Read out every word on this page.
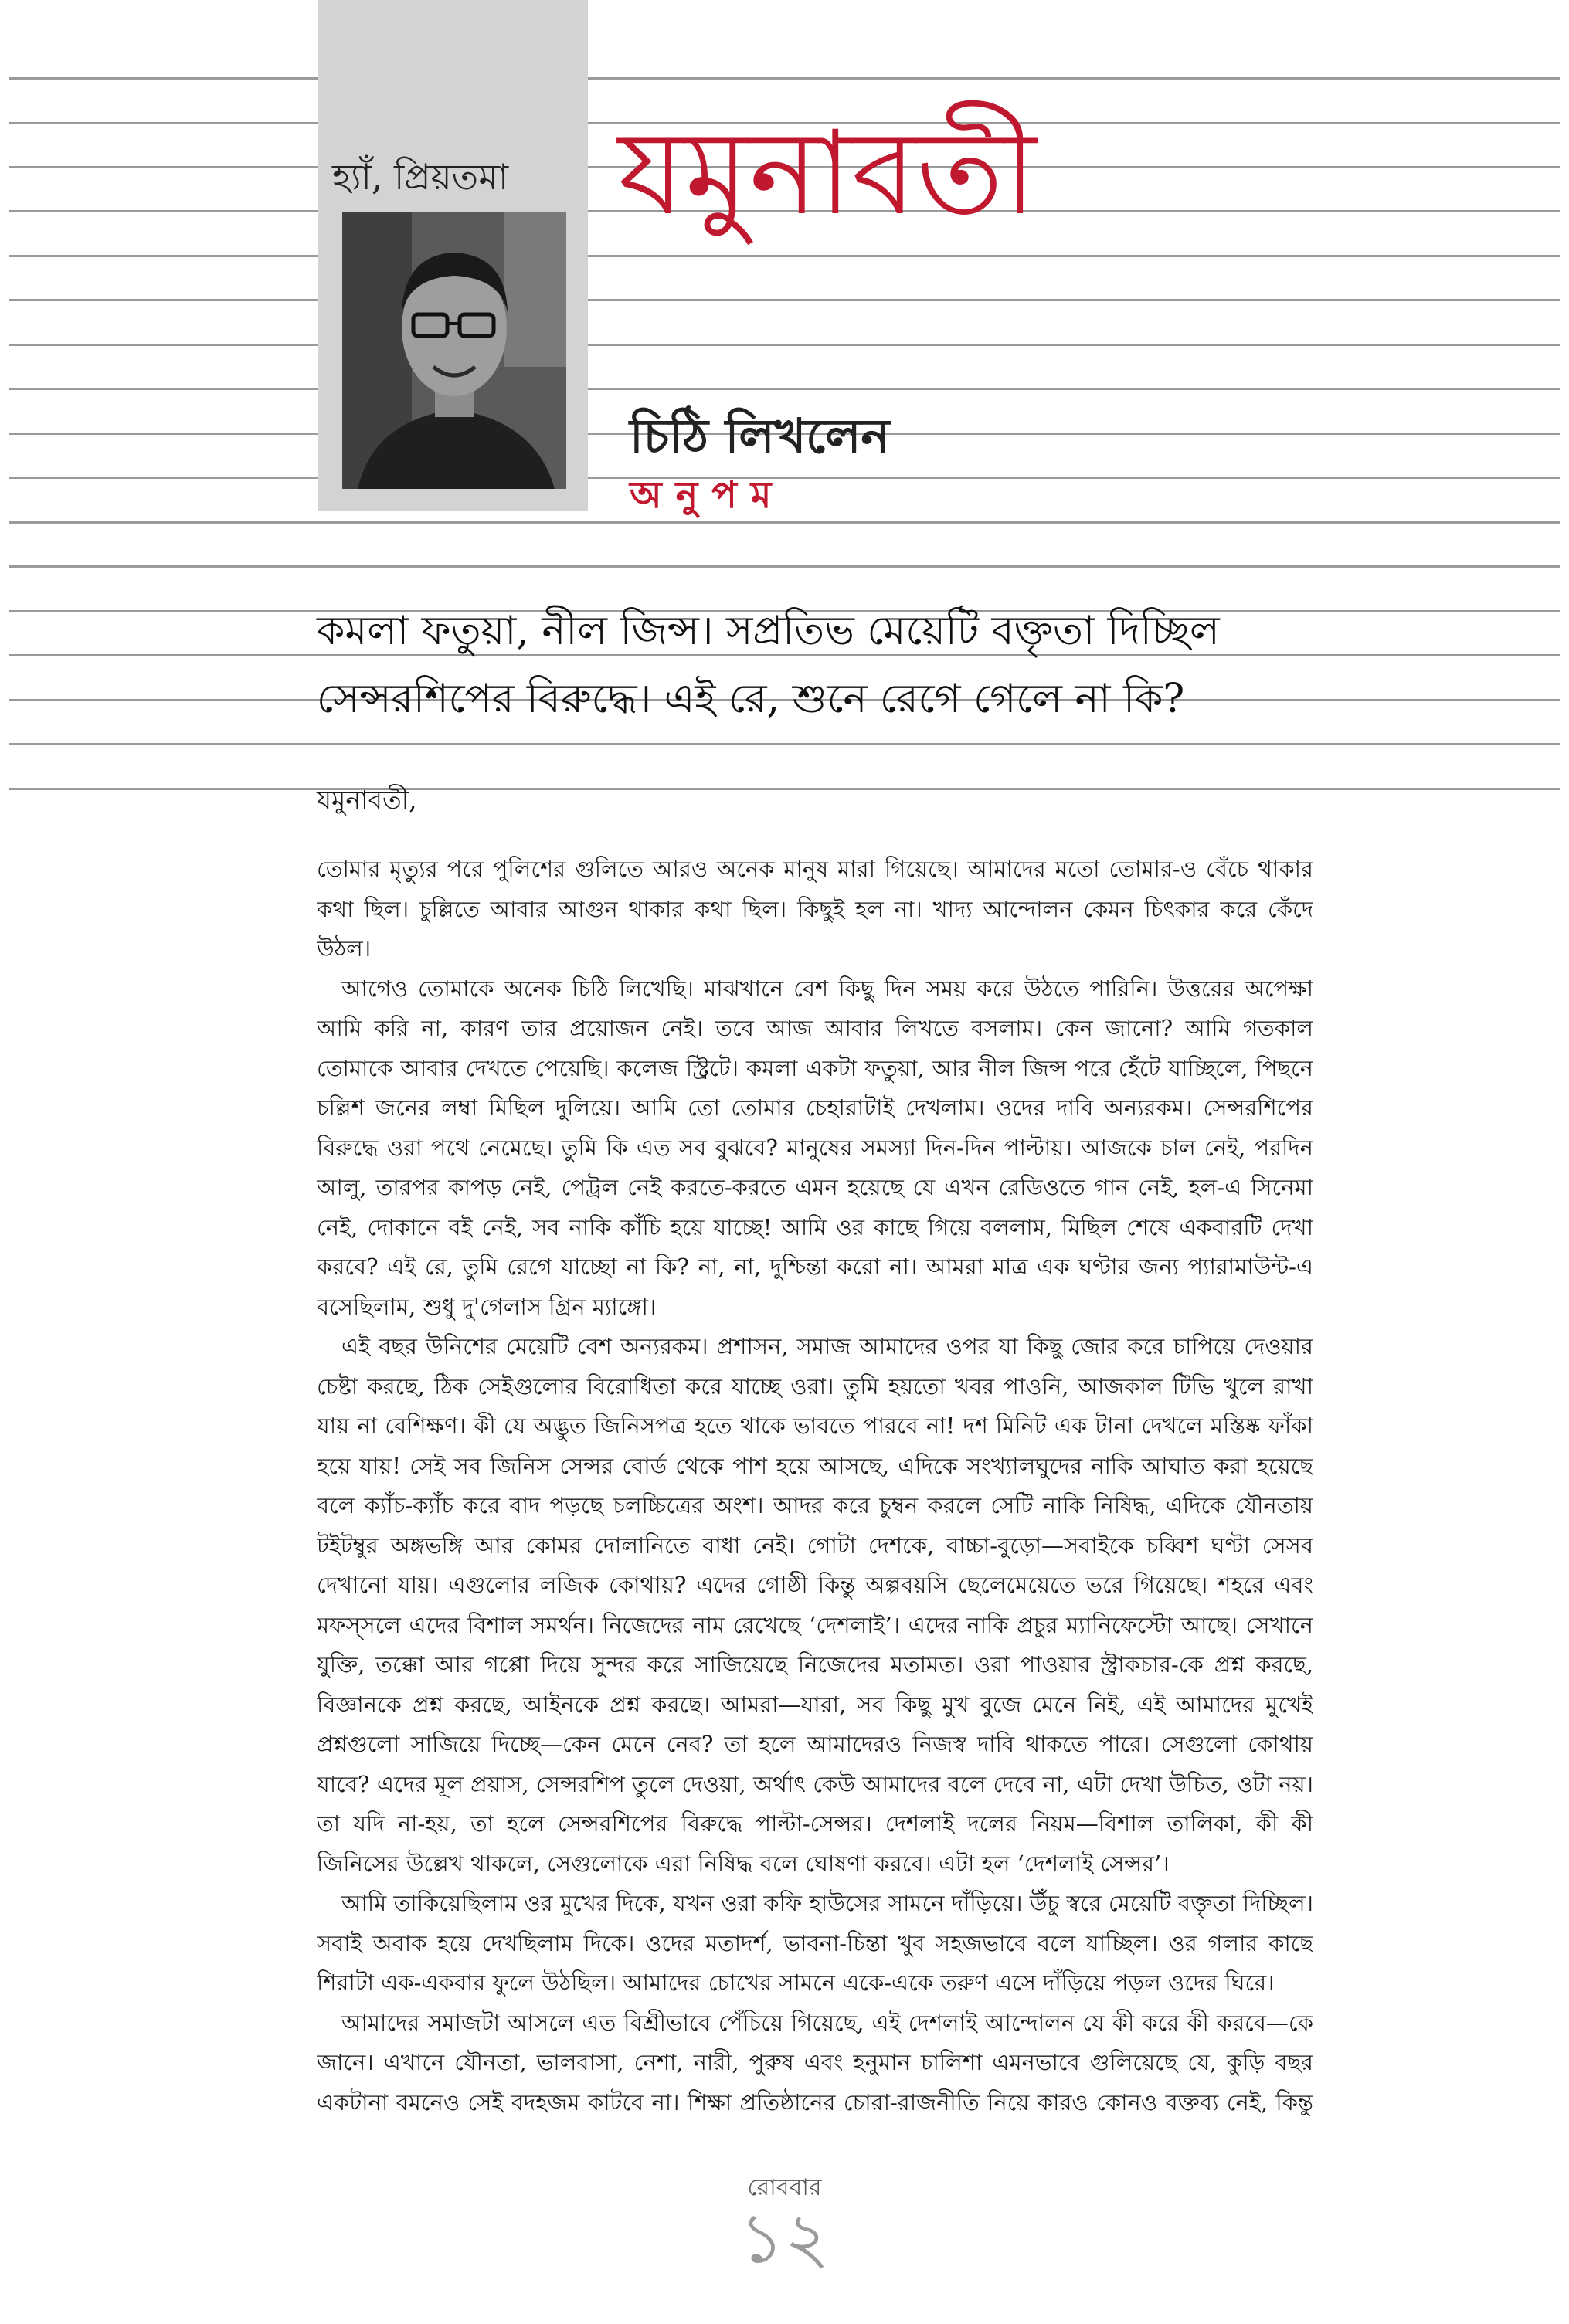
হ্যাঁ, প্রিয়তমা যমুনাবতী
চিঠি লিখলেন
অনুপম
কমলা ফতুয়া, নীল জিন্স। সপ্রতিভ মেয়েটি বক্তৃতা দিচ্ছিল
সেন্সরশিপের বিরুদ্ধে। এই রে, শুনে রেগে গেলে না কি?
যমুনাবতী,

তোমার মৃত্যুর পরে পুলিশের গুলিতে আরও অনেক মানুষ মারা গিয়েছে। আমাদের মতো তোমার-ও বেঁচে থাকার কথা ছিল। চুল্লিতে আবার আগুন থাকার কথা ছিল। কিছুই হল না। খাদ্য আন্দোলন কেমন চিৎকার করে কেঁদে উঠল।

আগেও তোমাকে অনেক চিঠি লিখেছি। মাঝখানে বেশ কিছু দিন সময় করে উঠতে পারিনি। উত্তরের অপেক্ষা আমি করি না, কারণ তার প্রয়োজন নেই। তবে আজ আবার লিখতে বসলাম। কেন জানো? আমি গতকাল তোমাকে আবার দেখতে পেয়েছি। কলেজ স্ট্রিটে। কমলা একটা ফতুয়া, আর নীল জিন্স পরে হেঁটে যাচ্ছিলে, পিছনে চল্লিশ জনের লম্বা মিছিল দুলিয়ে। আমি তো তোমার চেহারাটাই দেখলাম। ওদের দাবি অন্যরকম। সেন্সরশিপের বিরুদ্ধে ওরা পথে নেমেছে। তুমি কি এত সব বুঝবে? মানুষের সমস্যা দিন-দিন পাল্টায়। আজকে চাল নেই, পরদিন আলু, তারপর কাপড় নেই, পেট্রল নেই করতে-করতে এমন হয়েছে যে এখন রেডিওতে গান নেই, হল-এ সিনেমা নেই, দোকানে বই নেই, সব নাকি কাঁচি হয়ে যাচ্ছে! আমি ওর কাছে গিয়ে বললাম, মিছিল শেষে একবারটি দেখা করবে? এই রে, তুমি রেগে যাচ্ছো না কি? না, না, দুশ্চিন্তা করো না। আমরা মাত্র এক ঘণ্টার জন্য প্যারামাউন্ট-এ বসেছিলাম, শুধু দু'গেলাস গ্রিন ম্যাঙ্গো।

এই বছর উনিশের মেয়েটি বেশ অন্যরকম। প্রশাসন, সমাজ আমাদের ওপর যা কিছু জোর করে চাপিয়ে দেওয়ার চেষ্টা করছে, ঠিক সেইগুলোর বিরোধিতা করে যাচ্ছে ওরা। তুমি হয়তো খবর পাওনি, আজকাল টিভি খুলে রাখা যায় না বেশিক্ষণ। কী যে অদ্ভুত জিনিসপত্র হতে থাকে ভাবতে পারবে না! দশ মিনিট এক টানা দেখলে মস্তিষ্ক ফাঁকা হয়ে যায়! সেই সব জিনিস সেন্সর বোর্ড থেকে পাশ হয়ে আসছে, এদিকে সংখ্যালঘুদের নাকি আঘাত করা হয়েছে বলে ক্যাঁচ-ক্যাঁচ করে বাদ পড়ছে চলচ্চিত্রের অংশ। আদর করে চুম্বন করলে সেটি নাকি নিষিদ্ধ, এদিকে যৌনতায় টইটম্বুর অঙ্গভঙ্গি আর কোমর দোলানিতে বাধা নেই। গোটা দেশকে, বাচ্চা-বুড়ো—সবাইকে চব্বিশ ঘণ্টা সেসব দেখানো যায়। এগুলোর লজিক কোথায়? এদের গোষ্ঠী কিন্তু অল্পবয়সি ছেলেমেয়েতে ভরে গিয়েছে। শহরে এবং মফস্‌সলে এদের বিশাল সমর্থন। নিজেদের নাম রেখেছে ‘দেশলাই’। এদের নাকি প্রচুর ম্যানিফেস্টো আছে। সেখানে যুক্তি, তক্কো আর গপ্পো দিয়ে সুন্দর করে সাজিয়েছে নিজেদের মতামত। ওরা পাওয়ার স্ট্রাকচার-কে প্রশ্ন করছে, বিজ্ঞানকে প্রশ্ন করছে, আইনকে প্রশ্ন করছে। আমরা—যারা, সব কিছু মুখ বুজে মেনে নিই, এই আমাদের মুখেই প্রশ্নগুলো সাজিয়ে দিচ্ছে—কেন মেনে নেব? তা হলে আমাদেরও নিজস্ব দাবি থাকতে পারে। সেগুলো কোথায় যাবে? এদের মূল প্রয়াস, সেন্সরশিপ তুলে দেওয়া, অর্থাৎ কেউ আমাদের বলে দেবে না, এটা দেখা উচিত, ওটা নয়। তা যদি না-হয়, তা হলে সেন্সরশিপের বিরুদ্ধে পাল্টা-সেন্সর। দেশলাই দলের নিয়ম—বিশাল তালিকা, কী কী জিনিসের উল্লেখ থাকলে, সেগুলোকে এরা নিষিদ্ধ বলে ঘোষণা করবে। এটা হল ‘দেশলাই সেন্সর’।

আমি তাকিয়েছিলাম ওর মুখের দিকে, যখন ওরা কফি হাউসের সামনে দাঁড়িয়ে। উঁচু স্বরে মেয়েটি বক্তৃতা দিচ্ছিল। সবাই অবাক হয়ে দেখছিলাম দিকে। ওদের মতাদর্শ, ভাবনা-চিন্তা খুব সহজভাবে বলে যাচ্ছিল। ওর গলার কাছে শিরাটা এক-একবার ফুলে উঠছিল। আমাদের চোখের সামনে একে-একে তরুণ এসে দাঁড়িয়ে পড়ল ওদের ঘিরে।

আমাদের সমাজটা আসলে এত বিশ্রীভাবে পেঁচিয়ে গিয়েছে, এই দেশলাই আন্দোলন যে কী করে কী করবে—কে জানে। এখানে যৌনতা, ভালবাসা, নেশা, নারী, পুরুষ এবং হনুমান চালিশা এমনভাবে গুলিয়েছে যে, কুড়ি বছর একটানা বমনেও সেই বদহজম কাটবে না। শিক্ষা প্রতিষ্ঠানের চোরা-রাজনীতি নিয়ে কারও কোনও বক্তব্য নেই, কিন্তু

রোববার
১২
